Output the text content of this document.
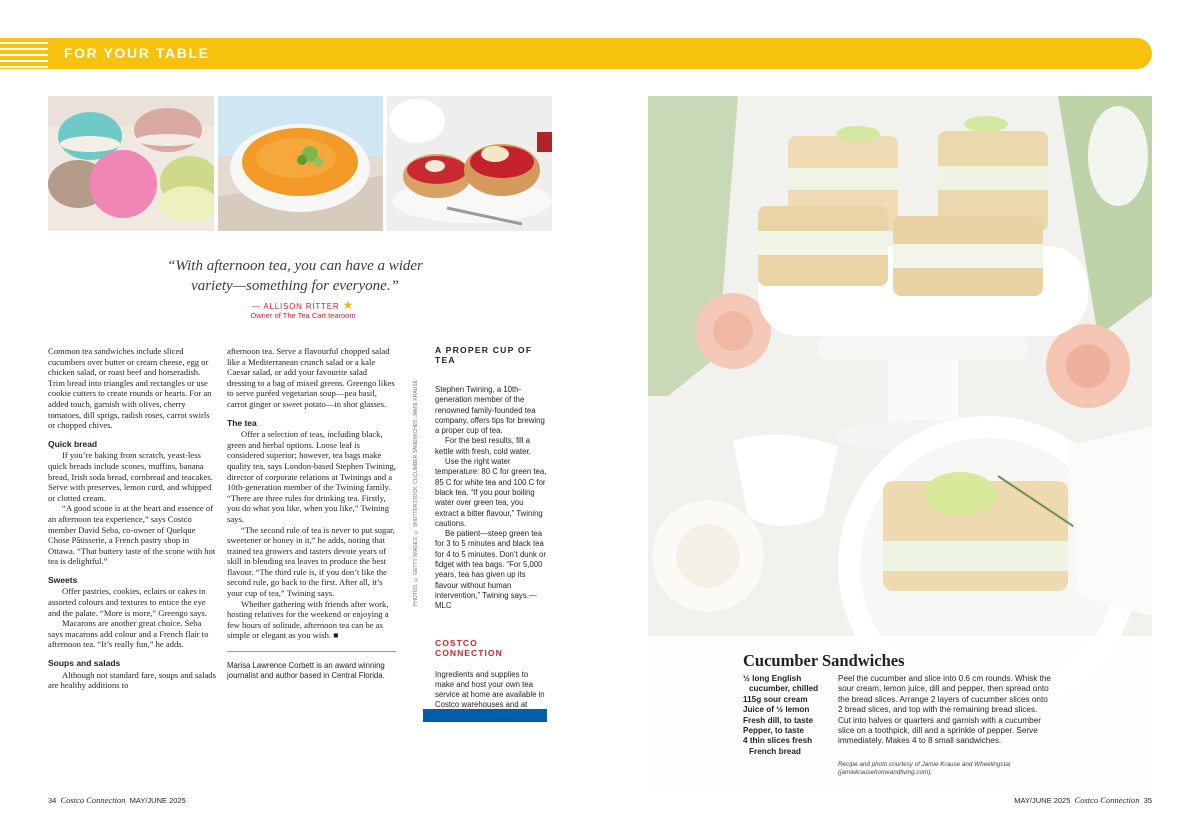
FOR YOUR TABLE
“With afternoon tea, you can have a wider variety—something for everyone.”
— ALLISON RITTER ★
Owner of The Tea Cart tearoom

Common tea sandwiches include sliced cucumbers over butter or cream cheese, egg or chicken salad, or roast beef and horseradish. Trim bread into triangles and rectangles or use cookie cutters to create rounds or hearts. For an added touch, garnish with olives, cherry tomatoes, dill sprigs, radish roses, carrot swirls or chopped chives.

Quick bread

If you’re baking from scratch, yeast-less quick breads include scones, muffins, banana bread, Irish soda bread, cornbread and teacakes. Serve with preserves, lemon curd, and whipped or clotted cream.

“A good scone is at the heart and essence of an afternoon tea experience,” says Costco member David Seba, co-owner of Quelque Chose Pâtisserie, a French pastry shop in Ottawa. “That buttery taste of the scone with hot tea is delightful.”

Sweets

Offer pastries, cookies, eclairs or cakes in assorted colours and textures to entice the eye and the palate. “More is more,” Greengo says.

Macarons are another great choice. Seba says macarons add colour and a French flair to afternoon tea. “It’s really fun,” he adds.

Soups and salads

Although not standard fare, soups and salads are healthy additions to

afternoon tea. Serve a flavourful chopped salad like a Mediterranean crunch salad or a kale Caesar salad, or add your favourite salad dressing to a bag of mixed greens. Greengo likes to serve puréed vegetarian soup—pea basil, carrot ginger or sweet potato—in shot glasses.

The tea

Offer a selection of teas, including black, green and herbal options. Loose leaf is considered superior; however, tea bags make quality tea, says London-based Stephen Twining, director of corporate relations at Twinings and a 10th-generation member of the Twining family. “There are three rules for drinking tea. Firstly, you do what you like, when you like,” Twining says.

“The second rule of tea is never to put sugar, sweetener or honey in it,” he adds, noting that trained tea growers and tasters devote years of skill in blending tea leaves to produce the best flavour. “The third rule is, if you don’t like the second rule, go back to the first. After all, it’s your cup of tea,” Twining says.

Whether gathering with friends after work, hosting relatives for the weekend or enjoying a few hours of solitude, afternoon tea can be as simple or elegant as you wish. ■

Marisa Lawrence Corbett is an award winning journalist and author based in Central Florida.

PHOTOS: © GETTY IMAGES; © SHUTTERSTOCK; CUCUMBER SANDWICHES: JAMIE KRAUSE
A PROPER CUP OF TEA

Stephen Twining, a 10th-generation member of the renowned family-founded tea company, offers tips for brewing a proper cup of tea.

For the best results, fill a kettle with fresh, cold water.

Use the right water temperature: 80 C for green tea, 85 C for white tea and 100 C for black tea. “If you pour boiling water over green tea, you extract a bitter flavour,” Twining cautions.

Be patient—steep green tea for 3 to 5 minutes and black tea for 4 to 5 minutes. Don’t dunk or fidget with tea bags. “For 5,000 years, tea has given up its flavour without human intervention,” Twining says.—MLC

COSTCO CONNECTION

Ingredients and supplies to make and host your own tea service at home are available in Costco warehouses and at

Cucumber Sandwiches
½ long English
cucumber, chilled
115g sour cream
Juice of ½ lemon
Fresh dill, to taste
Pepper, to taste
4 thin slices fresh
French bread
Peel the cucumber and slice into 0.6 cm rounds. Whisk the sour cream, lemon juice, dill and pepper, then spread onto the bread slices. Arrange 2 layers of cucumber slices onto 2 bread slices, and top with the remaining bread slices. Cut into halves or quarters and garnish with a cucumber slice on a toothpick, dill and a sprinkle of pepper. Serve immediately. Makes 4 to 8 small sandwiches.
Recipe and photo courtesy of Jamie Krause and Wheelingstar (jamiekrausehomeandliving.com).
34 Costco Connection MAY/JUNE 2025	MAY/JUNE 2025 Costco Connection 35
